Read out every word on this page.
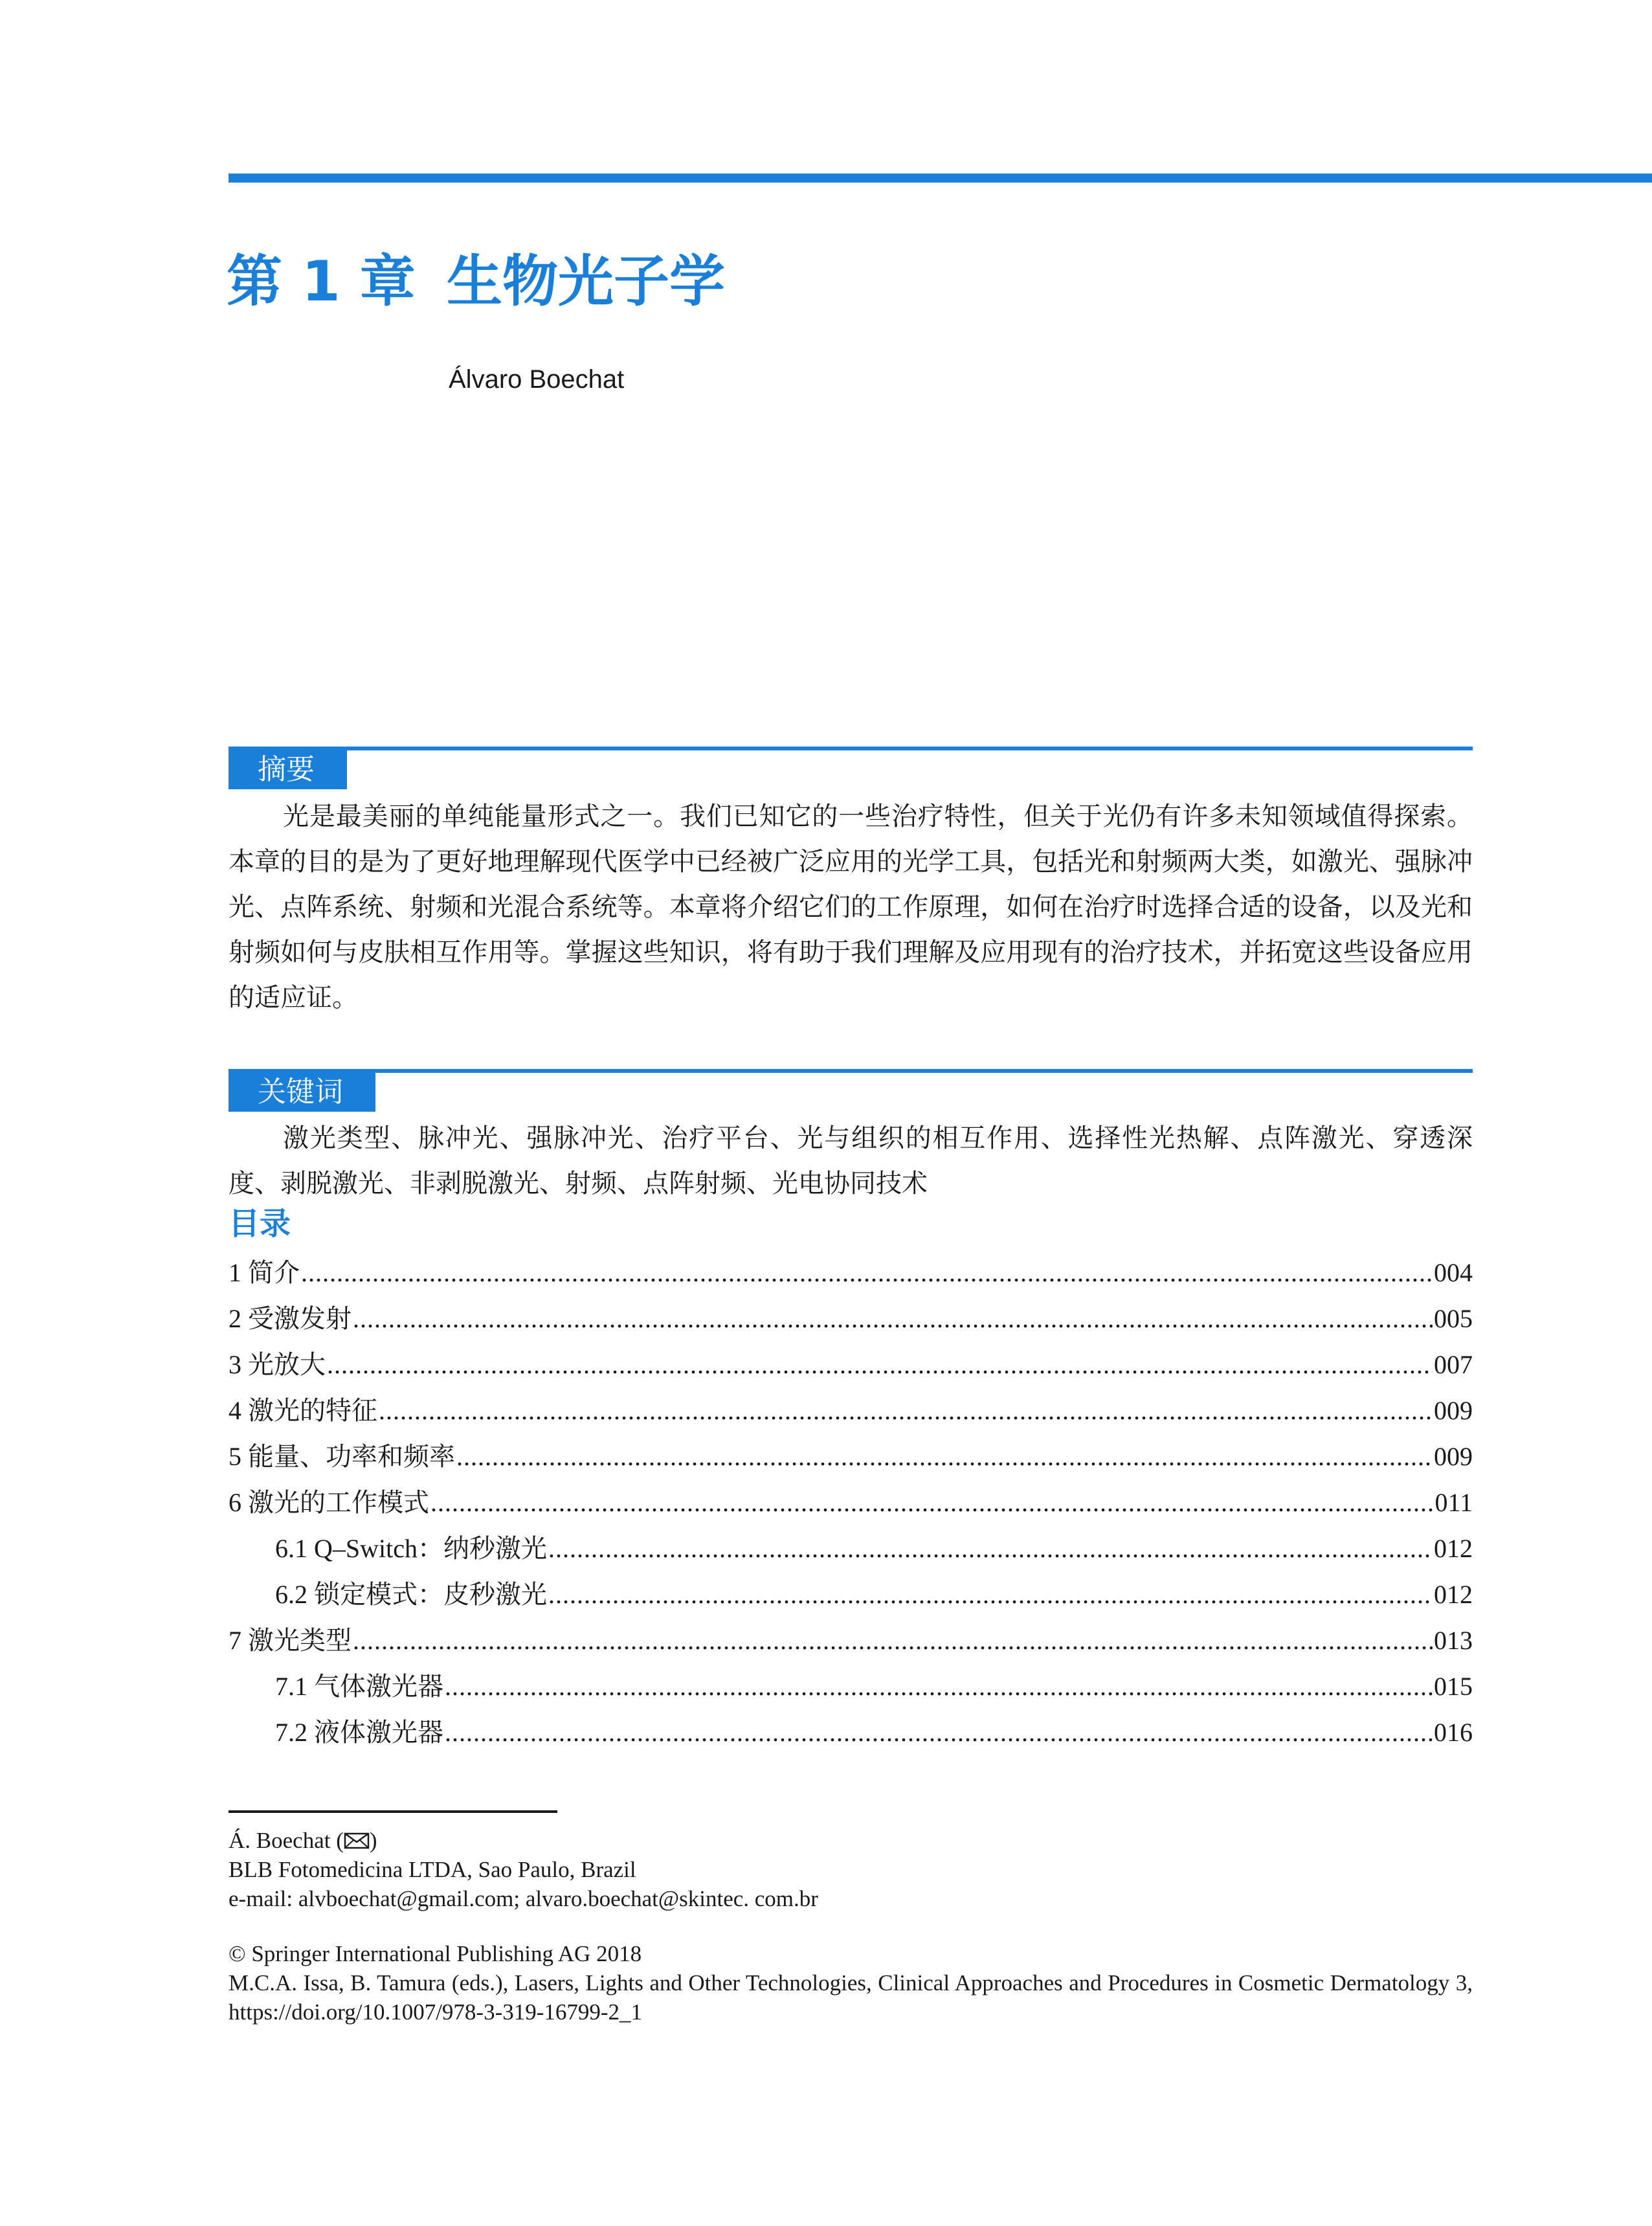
第 1 章 生物光子学
Álvaro Boechat
摘要
光是最美丽的单纯能量形式之一。我们已知它的一些治疗特性，但关于光仍有许多未知领域值得探索。本章的目的是为了更好地理解现代医学中已经被广泛应用的光学工具，包括光和射频两大类，如激光、强脉冲光、点阵系统、射频和光混合系统等。本章将介绍它们的工作原理，如何在治疗时选择合适的设备，以及光和射频如何与皮肤相互作用等。掌握这些知识，将有助于我们理解及应用现有的治疗技术，并拓宽这些设备应用的适应证。
关键词
激光类型、脉冲光、强脉冲光、治疗平台、光与组织的相互作用、选择性光热解、点阵激光、穿透深度、剥脱激光、非剥脱激光、射频、点阵射频、光电协同技术
目录
1 简介 .....	004
2 受激发射 .....	005
3 光放大 .....	007
4 激光的特征 .....	009
5 能量、功率和频率 .....	009
6 激光的工作模式 .....	011
6.1 Q–Switch：纳秒激光 .....	012
6.2 锁定模式：皮秒激光 .....	012
7 激光类型 .....	013
7.1 气体激光器 .....	015
7.2 液体激光器 .....	016
Á. Boechat ( )
BLB Fotomedicina LTDA, Sao Paulo, Brazil
e-mail: alvboechat@gmail.com; alvaro.boechat@skintec. com.br
© Springer International Publishing AG 2018
M.C.A. Issa, B. Tamura (eds.), Lasers, Lights and Other Technologies, Clinical Approaches and Procedures in Cosmetic Dermatology 3, https://doi.org/10.1007/978-3-319-16799-2_1
